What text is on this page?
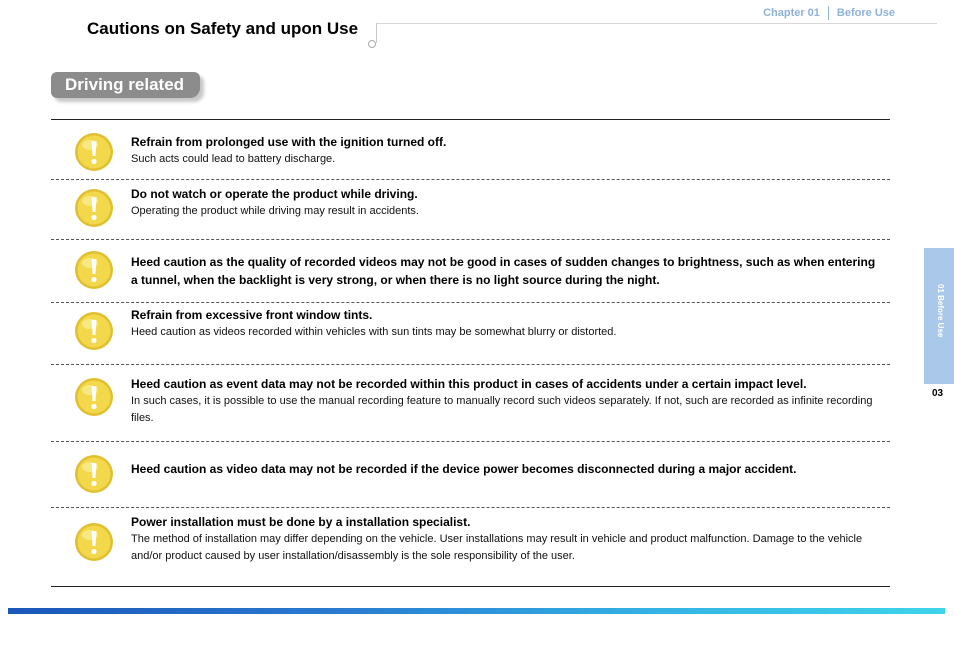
Chapter 01 Before Use
Cautions on Safety and upon Use
Driving related
Refrain from prolonged use with the ignition turned off.
Such acts could lead to battery discharge.
Do not watch or operate the product while driving.
Operating the product while driving may result in accidents.
Heed caution as the quality of recorded videos may not be good in cases of sudden changes to brightness, such as when entering a tunnel, when the backlight is very strong, or when there is no light source during the night.
Refrain from excessive front window tints.
Heed caution as videos recorded within vehicles with sun tints may be somewhat blurry or distorted.
Heed caution as event data may not be recorded within this product in cases of accidents under a certain impact level.
In such cases, it is possible to use the manual recording feature to manually record such videos separately. If not, such are recorded as infinite recording files.
Heed caution as video data may not be recorded if the device power becomes disconnected during a major accident.
Power installation must be done by a installation specialist.
The method of installation may differ depending on the vehicle. User installations may result in vehicle and product malfunction. Damage to the vehicle and/or product caused by user installation/disassembly is the sole responsibility of the user.
01 Before Use
03
